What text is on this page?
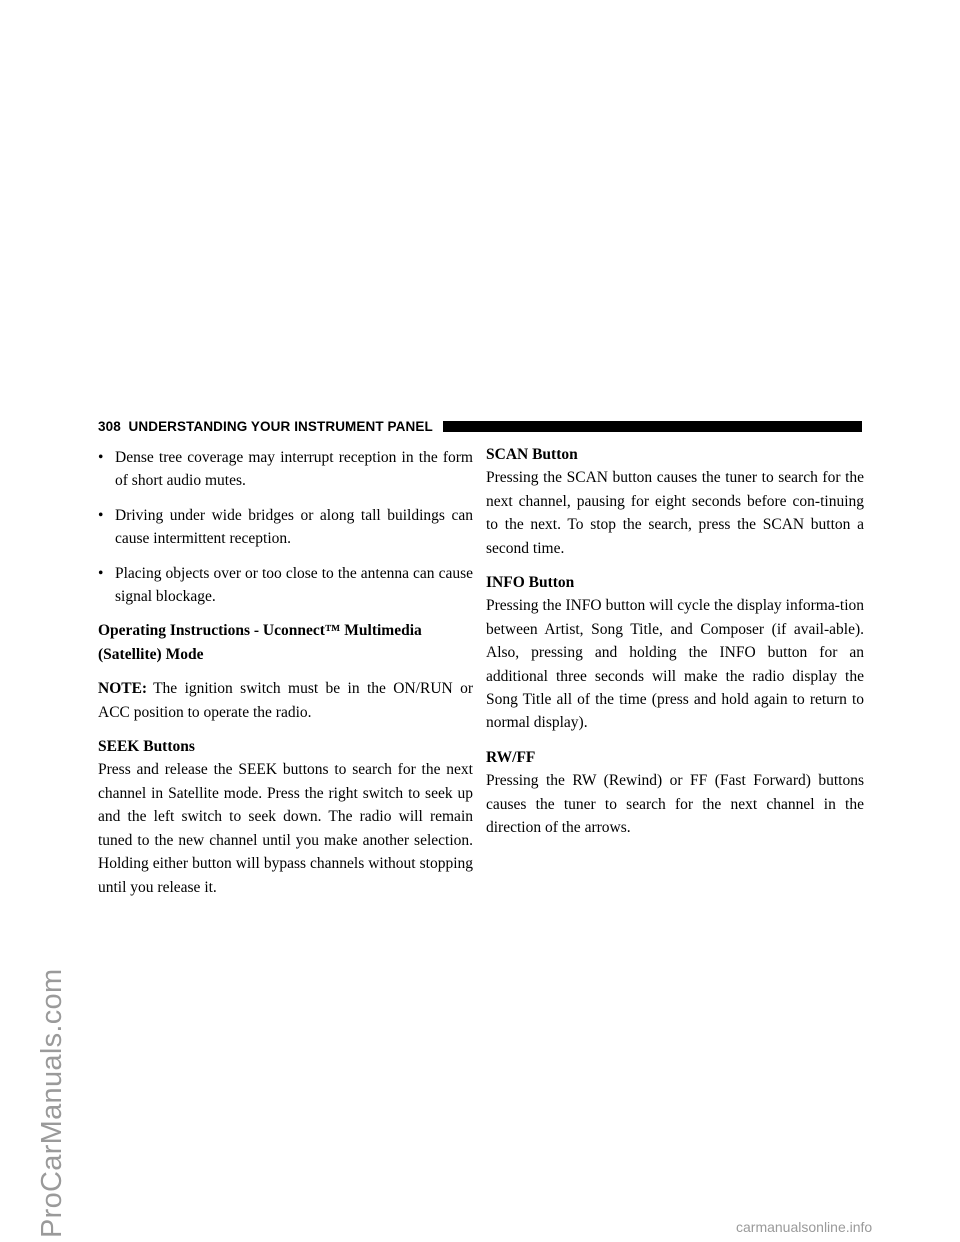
ProCarManuals.com
308 UNDERSTANDING YOUR INSTRUMENT PANEL
• Dense tree coverage may interrupt reception in the form of short audio mutes.
• Driving under wide bridges or along tall buildings can cause intermittent reception.
• Placing objects over or too close to the antenna can cause signal blockage.

Operating Instructions - Uconnect™ Multimedia (Satellite) Mode

NOTE: The ignition switch must be in the ON/RUN or ACC position to operate the radio.

SEEK Buttons

Press and release the SEEK buttons to search for the next channel in Satellite mode. Press the right switch to seek up and the left switch to seek down. The radio will remain tuned to the new channel until you make another selection. Holding either button will bypass channels without stopping until you release it.

SCAN Button

Pressing the SCAN button causes the tuner to search for the next channel, pausing for eight seconds before con-tinuing to the next. To stop the search, press the SCAN button a second time.

INFO Button

Pressing the INFO button will cycle the display informa-tion between Artist, Song Title, and Composer (if avail-able). Also, pressing and holding the INFO button for an additional three seconds will make the radio display the Song Title all of the time (press and hold again to return to normal display).

RW/FF

Pressing the RW (Rewind) or FF (Fast Forward) buttons causes the tuner to search for the next channel in the direction of the arrows.

carmanualsonline.info
